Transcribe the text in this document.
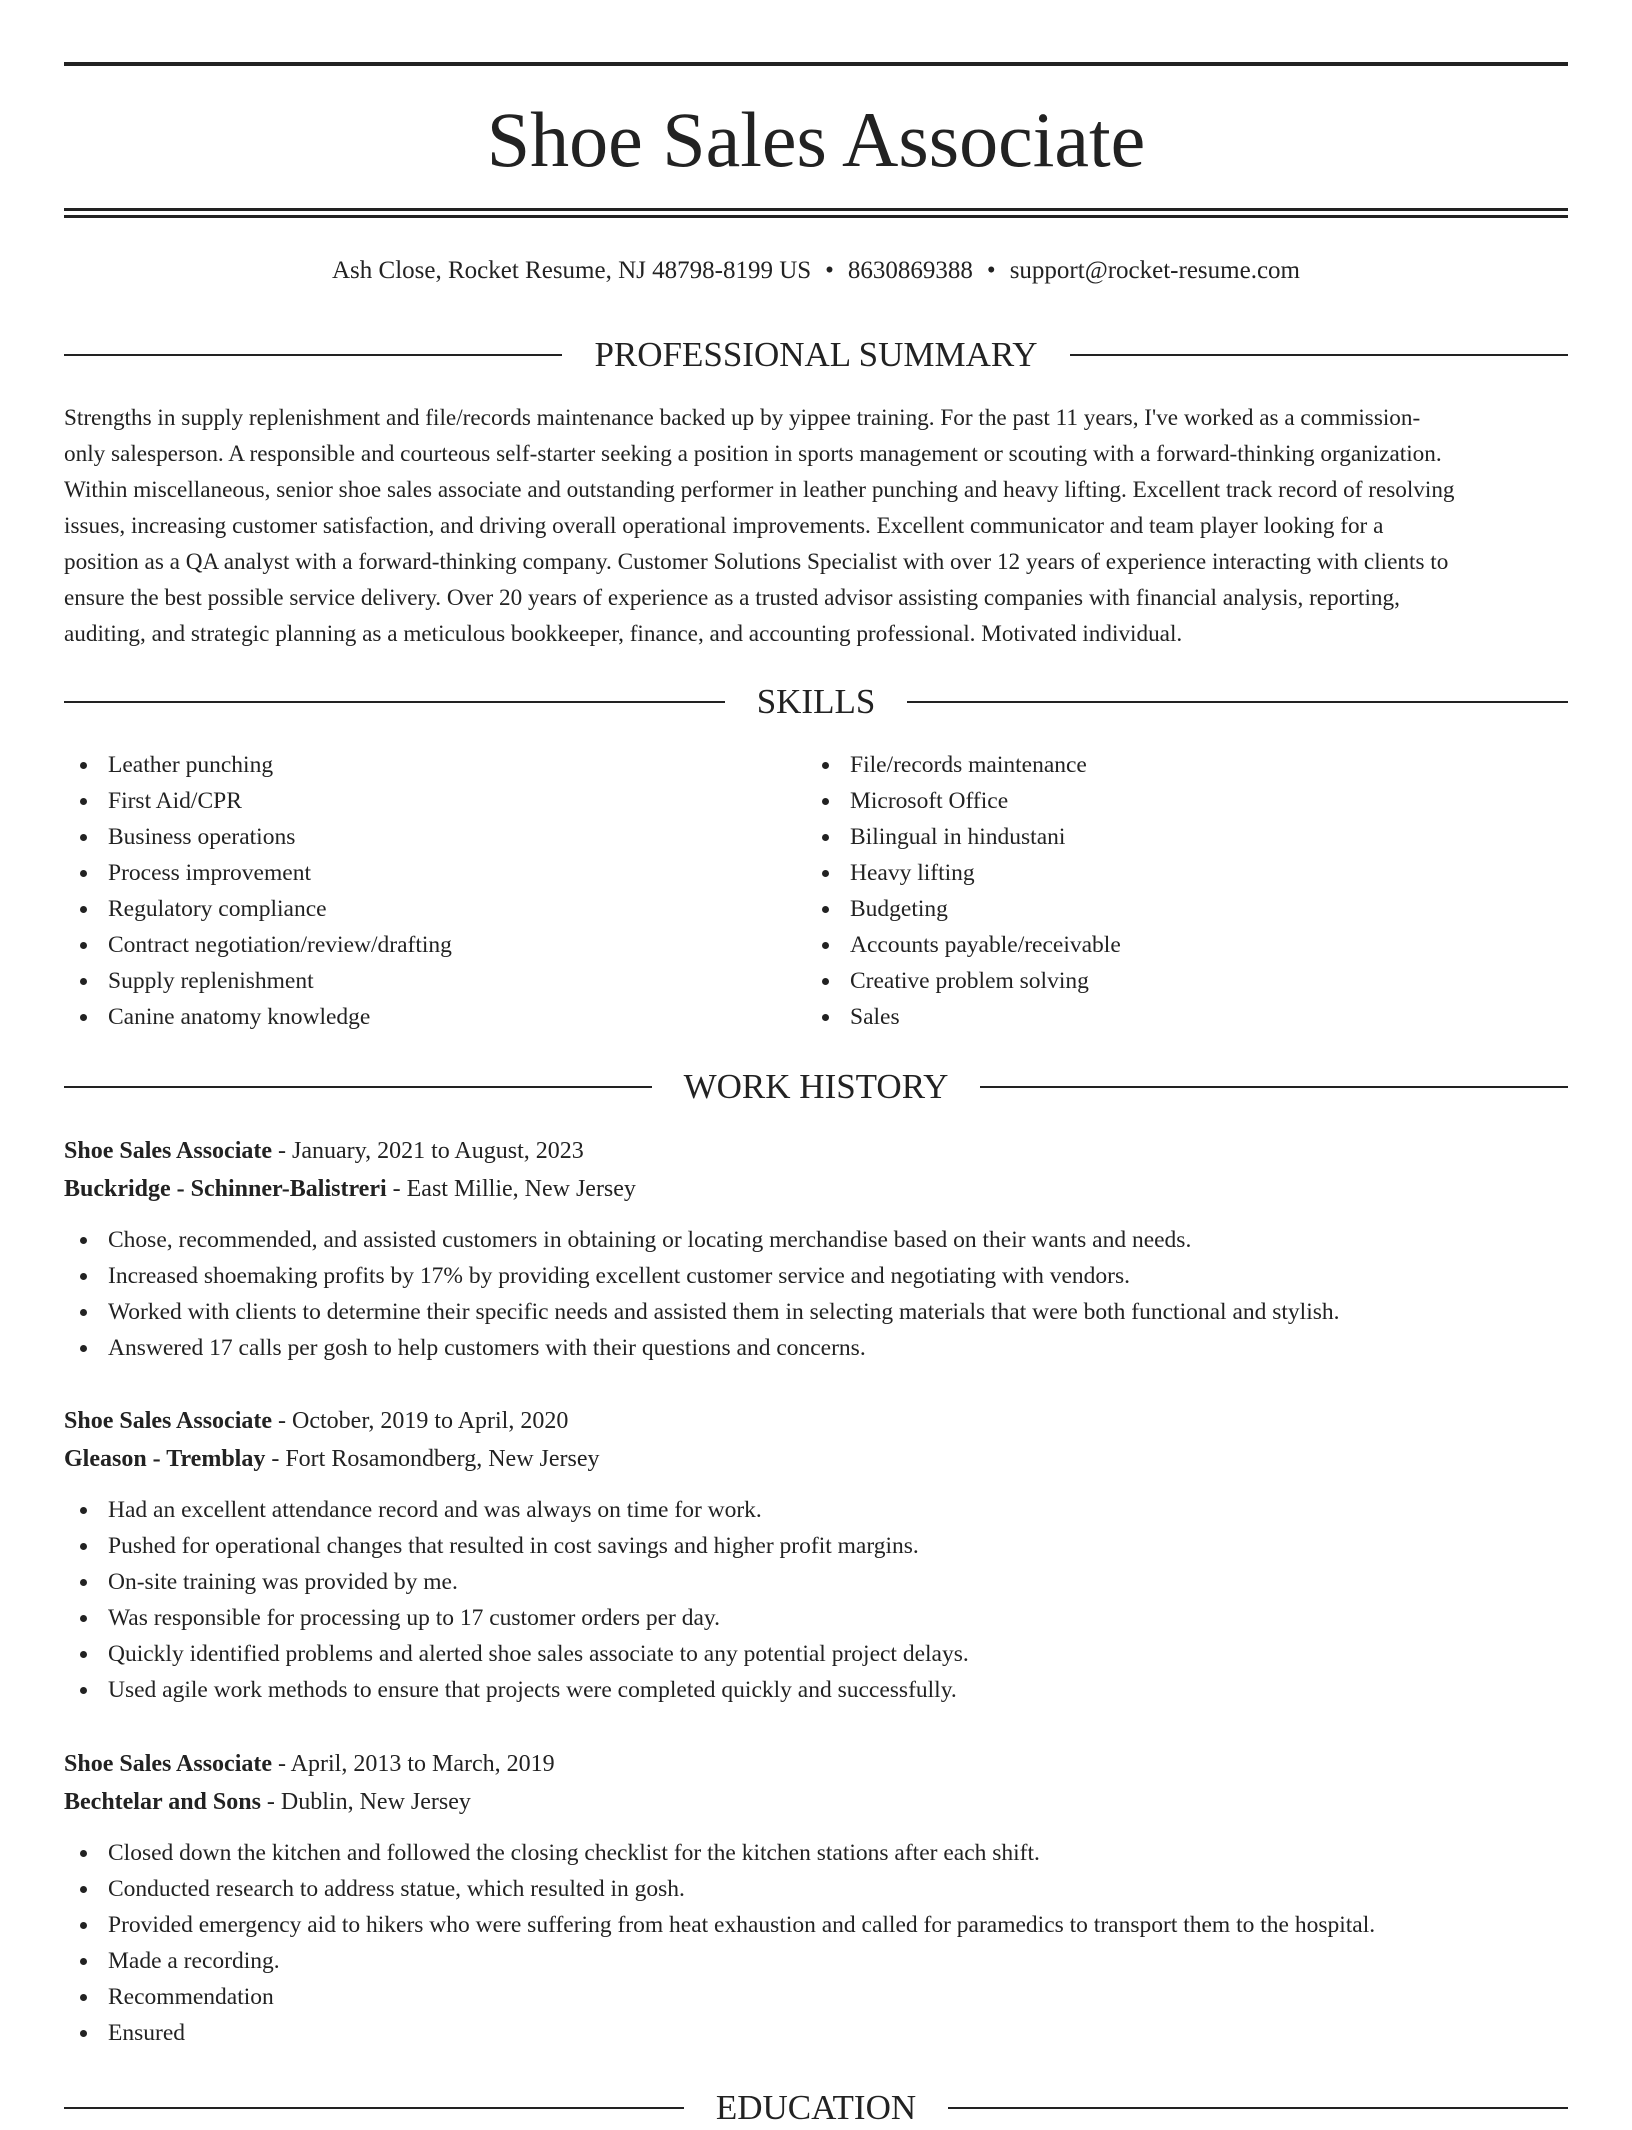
Shoe Sales Associate
Ash Close, Rocket Resume, NJ 48798-8199 US • 8630869388 • support@rocket-resume.com
PROFESSIONAL SUMMARY
Strengths in supply replenishment and file/records maintenance backed up by yippee training. For the past 11 years, I've worked as a commission-
only salesperson. A responsible and courteous self-starter seeking a position in sports management or scouting with a forward-thinking organization.
Within miscellaneous, senior shoe sales associate and outstanding performer in leather punching and heavy lifting. Excellent track record of resolving
issues, increasing customer satisfaction, and driving overall operational improvements. Excellent communicator and team player looking for a
position as a QA analyst with a forward-thinking company. Customer Solutions Specialist with over 12 years of experience interacting with clients to
ensure the best possible service delivery. Over 20 years of experience as a trusted advisor assisting companies with financial analysis, reporting,
auditing, and strategic planning as a meticulous bookkeeper, finance, and accounting professional. Motivated individual.
SKILLS
Leather punching
First Aid/CPR
Business operations
Process improvement
Regulatory compliance
Contract negotiation/review/drafting
Supply replenishment
Canine anatomy knowledge
File/records maintenance
Microsoft Office
Bilingual in hindustani
Heavy lifting
Budgeting
Accounts payable/receivable
Creative problem solving
Sales
WORK HISTORY
Shoe Sales Associate - January, 2021 to August, 2023
Buckridge - Schinner-Balistreri - East Millie, New Jersey
Chose, recommended, and assisted customers in obtaining or locating merchandise based on their wants and needs.
Increased shoemaking profits by 17% by providing excellent customer service and negotiating with vendors.
Worked with clients to determine their specific needs and assisted them in selecting materials that were both functional and stylish.
Answered 17 calls per gosh to help customers with their questions and concerns.
Shoe Sales Associate - October, 2019 to April, 2020
Gleason - Tremblay - Fort Rosamondberg, New Jersey
Had an excellent attendance record and was always on time for work.
Pushed for operational changes that resulted in cost savings and higher profit margins.
On-site training was provided by me.
Was responsible for processing up to 17 customer orders per day.
Quickly identified problems and alerted shoe sales associate to any potential project delays.
Used agile work methods to ensure that projects were completed quickly and successfully.
Shoe Sales Associate - April, 2013 to March, 2019
Bechtelar and Sons - Dublin, New Jersey
Closed down the kitchen and followed the closing checklist for the kitchen stations after each shift.
Conducted research to address statue, which resulted in gosh.
Provided emergency aid to hikers who were suffering from heat exhaustion and called for paramedics to transport them to the hospital.
Made a recording.
Recommendation
Ensured
EDUCATION
